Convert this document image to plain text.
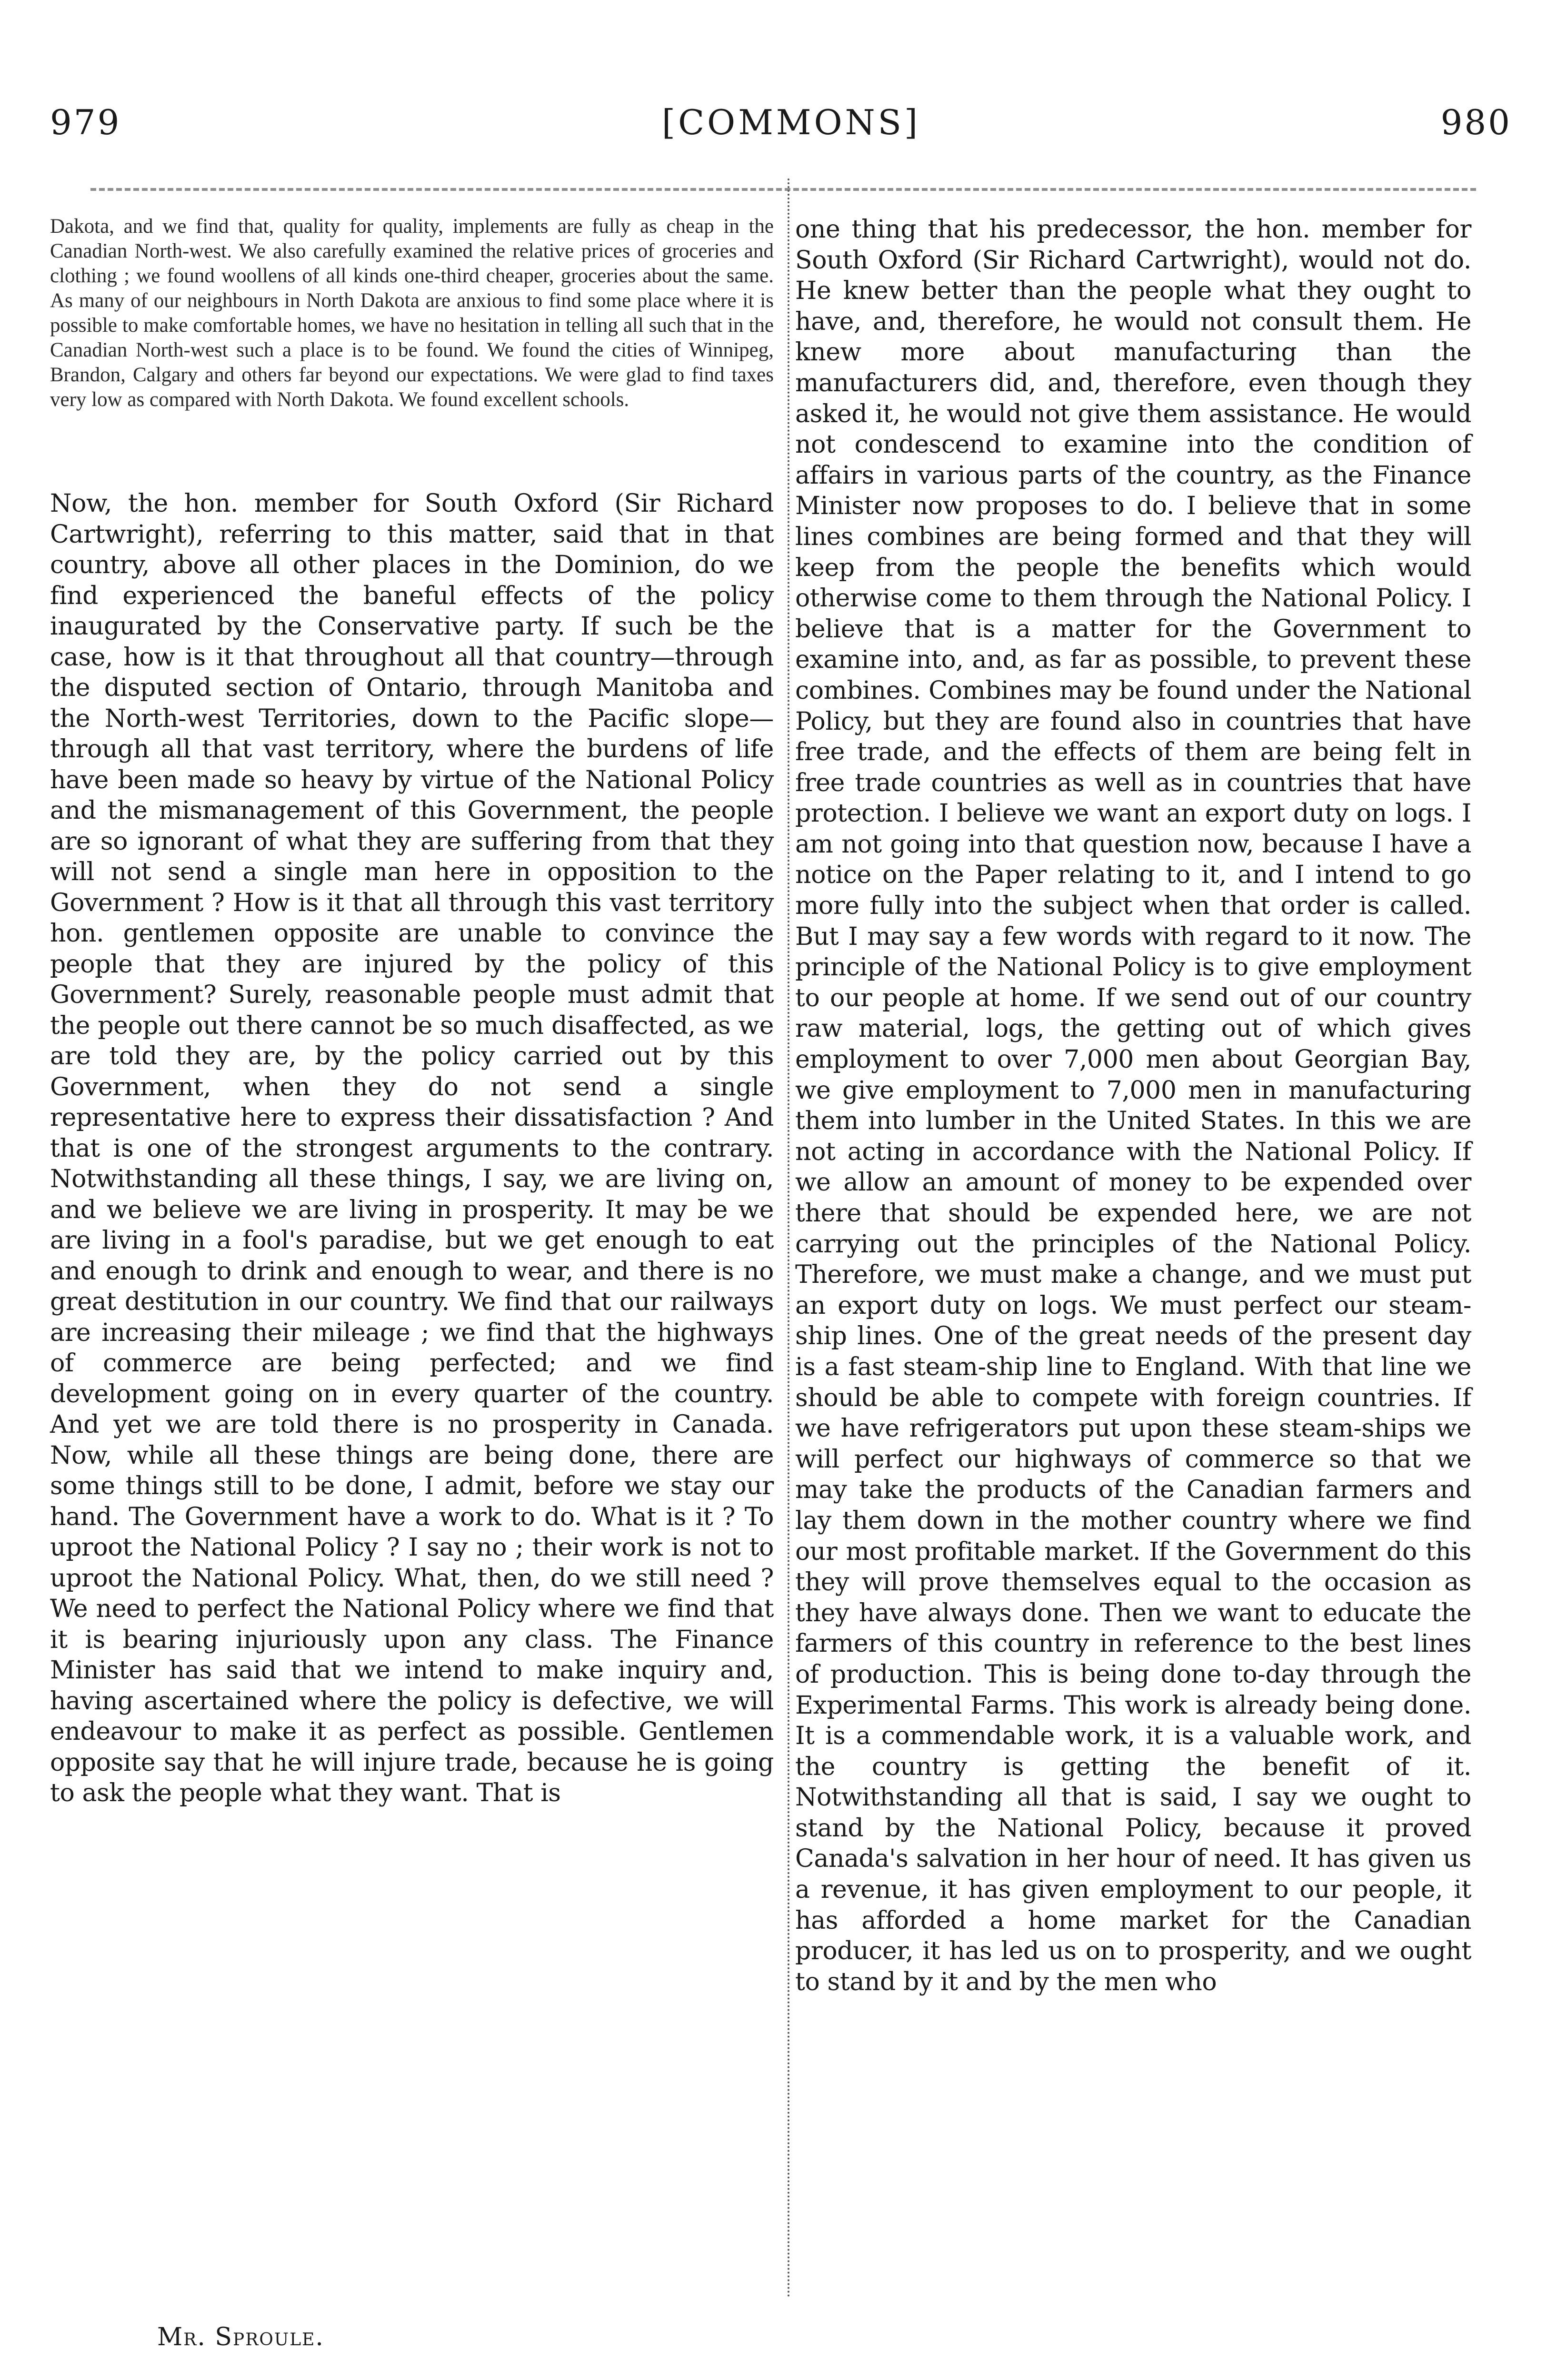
979	[COMMONS]	980

Dakota, and we find that, quality for quality, implements are fully as cheap in the Canadian North-west. We also carefully examined the relative prices of groceries and clothing ; we found woollens of all kinds one-third cheaper, groceries about the same. As many of our neighbours in North Dakota are anxious to find some place where it is possible to make comfortable homes, we have no hesitation in telling all such that in the Canadian North-west such a place is to be found. We found the cities of Winnipeg, Brandon, Calgary and others far beyond our expectations. We were glad to find taxes very low as compared with North Dakota. We found excellent schools.

Now, the hon. member for South Oxford (Sir Richard Cartwright), referring to this matter, said that in that country, above all other places in the Dominion, do we find experienced the baneful effects of the policy inaugurated by the Conservative party. If such be the case, how is it that throughout all that country—through the disputed section of Ontario, through Manitoba and the North-west Territories, down to the Pacific slope—through all that vast territory, where the burdens of life have been made so heavy by virtue of the National Policy and the mismanagement of this Government, the people are so ignorant of what they are suffering from that they will not send a single man here in opposition to the Government ? How is it that all through this vast territory hon. gentlemen opposite are unable to convince the people that they are injured by the policy of this Government? Surely, reasonable people must admit that the people out there cannot be so much disaffected, as we are told they are, by the policy carried out by this Government, when they do not send a single representative here to express their dissatisfaction ? And that is one of the strongest arguments to the contrary. Notwithstanding all these things, I say, we are living on, and we believe we are living in prosperity. It may be we are living in a fool's paradise, but we get enough to eat and enough to drink and enough to wear, and there is no great destitution in our country. We find that our railways are increasing their mileage ; we find that the highways of commerce are being perfected; and we find development going on in every quarter of the country. And yet we are told there is no prosperity in Canada. Now, while all these things are being done, there are some things still to be done, I admit, before we stay our hand. The Government have a work to do. What is it ? To uproot the National Policy ? I say no ; their work is not to uproot the National Policy. What, then, do we still need ? We need to perfect the National Policy where we find that it is bearing injuriously upon any class. The Finance Minister has said that we intend to make inquiry and, having ascertained where the policy is defective, we will endeavour to make it as perfect as possible. Gentlemen opposite say that he will injure trade, because he is going to ask the people what they want. That is

one thing that his predecessor, the hon. member for South Oxford (Sir Richard Cartwright), would not do. He knew better than the people what they ought to have, and, therefore, he would not consult them. He knew more about manufacturing than the manufacturers did, and, therefore, even though they asked it, he would not give them assistance. He would not condescend to examine into the condition of affairs in various parts of the country, as the Finance Minister now proposes to do. I believe that in some lines combines are being formed and that they will keep from the people the benefits which would otherwise come to them through the National Policy. I believe that is a matter for the Government to examine into, and, as far as possible, to prevent these combines. Combines may be found under the National Policy, but they are found also in countries that have free trade, and the effects of them are being felt in free trade countries as well as in countries that have protection. I believe we want an export duty on logs. I am not going into that question now, because I have a notice on the Paper relating to it, and I intend to go more fully into the subject when that order is called. But I may say a few words with regard to it now. The principle of the National Policy is to give employment to our people at home. If we send out of our country raw material, logs, the getting out of which gives employment to over 7,000 men about Georgian Bay, we give employment to 7,000 men in manufacturing them into lumber in the United States. In this we are not acting in accordance with the National Policy. If we allow an amount of money to be expended over there that should be expended here, we are not carrying out the principles of the National Policy. Therefore, we must make a change, and we must put an export duty on logs. We must perfect our steam-ship lines. One of the great needs of the present day is a fast steam-ship line to England. With that line we should be able to compete with foreign countries. If we have refrigerators put upon these steam-ships we will perfect our highways of commerce so that we may take the products of the Canadian farmers and lay them down in the mother country where we find our most profitable market. If the Government do this they will prove themselves equal to the occasion as they have always done. Then we want to educate the farmers of this country in reference to the best lines of production. This is being done to-day through the Experimental Farms. This work is already being done. It is a commendable work, it is a valuable work, and the country is getting the benefit of it. Notwithstanding all that is said, I say we ought to stand by the National Policy, because it proved Canada's salvation in her hour of need. It has given us a revenue, it has given employment to our people, it has afforded a home market for the Canadian producer, it has led us on to prosperity, and we ought to stand by it and by the men who

Mr. Sproule.
